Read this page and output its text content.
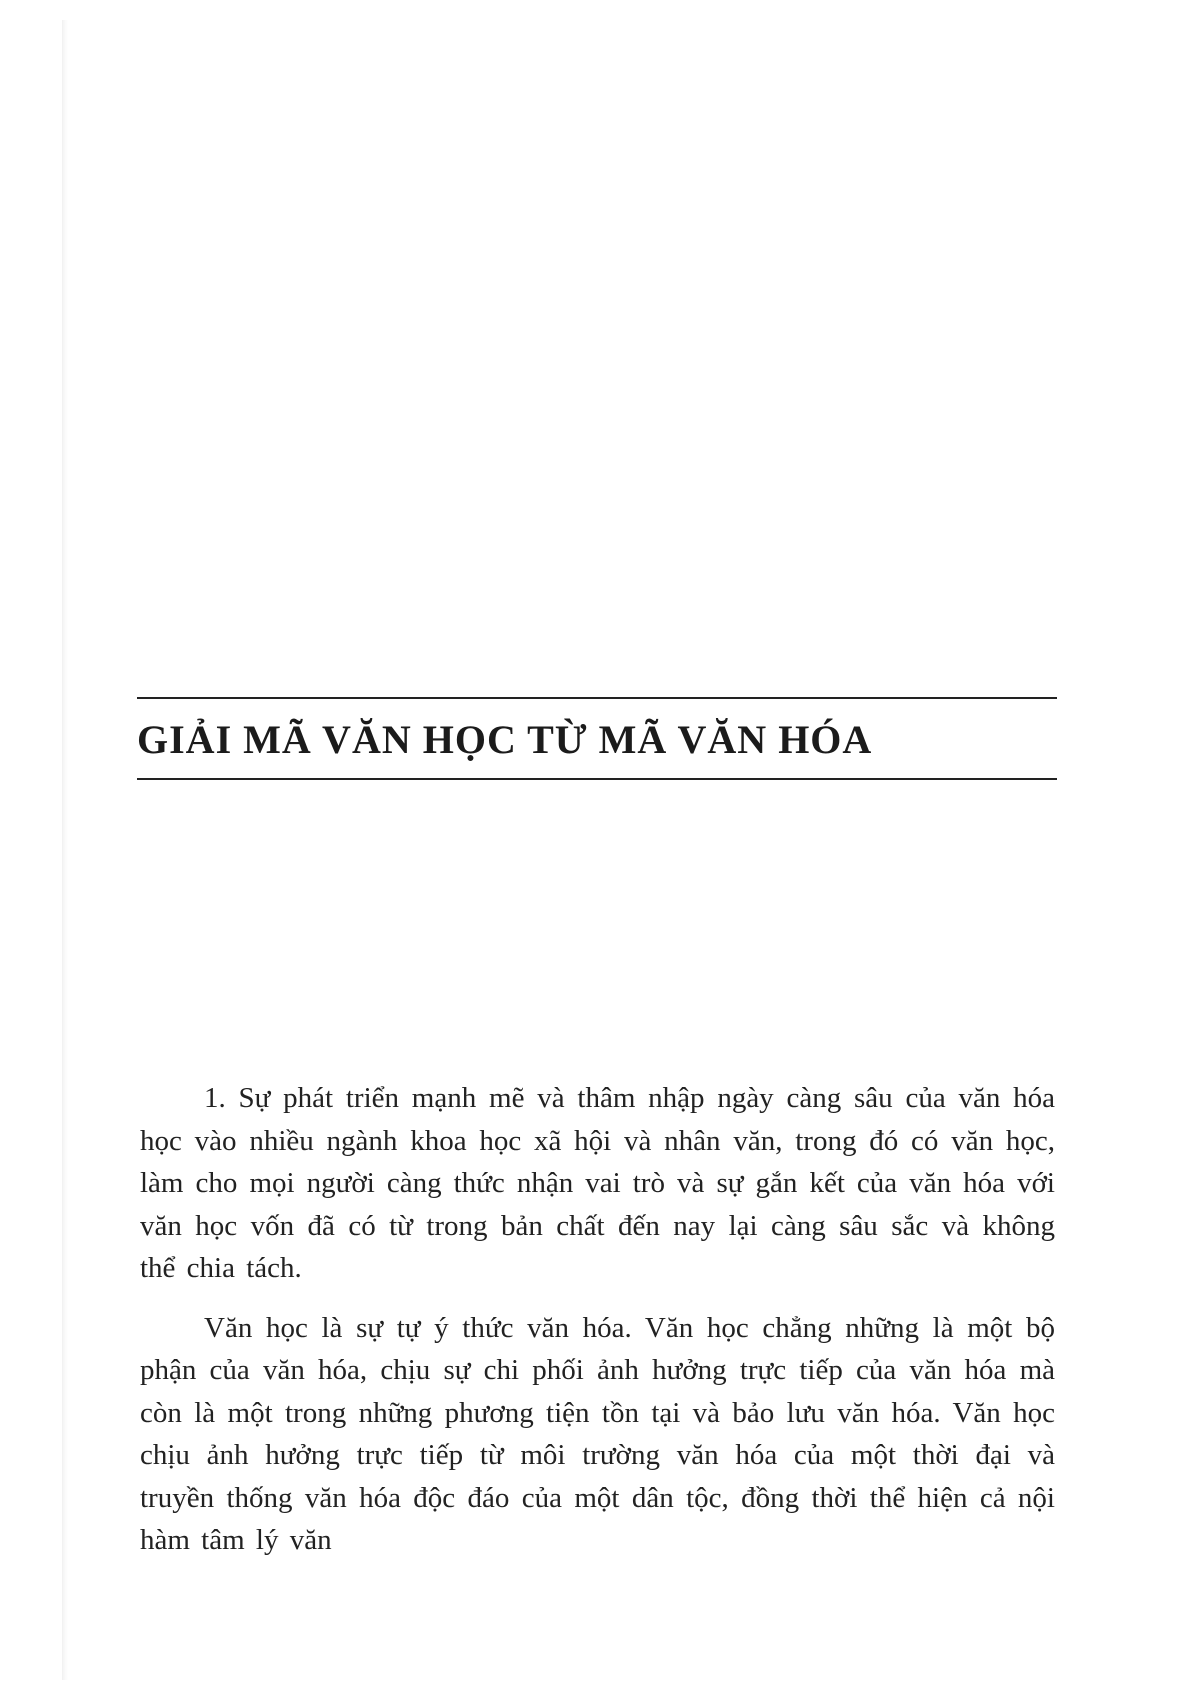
GIẢI MÃ VĂN HỌC TỪ MÃ VĂN HÓA

1. Sự phát triển mạnh mẽ và thâm nhập ngày càng sâu của văn hóa học vào nhiều ngành khoa học xã hội và nhân văn, trong đó có văn học, làm cho mọi người càng thức nhận vai trò và sự gắn kết của văn hóa với văn học vốn đã có từ trong bản chất đến nay lại càng sâu sắc và không thể chia tách.

Văn học là sự tự ý thức văn hóa. Văn học chẳng những là một bộ phận của văn hóa, chịu sự chi phối ảnh hưởng trực tiếp của văn hóa mà còn là một trong những phương tiện tồn tại và bảo lưu văn hóa. Văn học chịu ảnh hưởng trực tiếp từ môi trường văn hóa của một thời đại và truyền thống văn hóa độc đáo của một dân tộc, đồng thời thể hiện cả nội hàm tâm lý văn
